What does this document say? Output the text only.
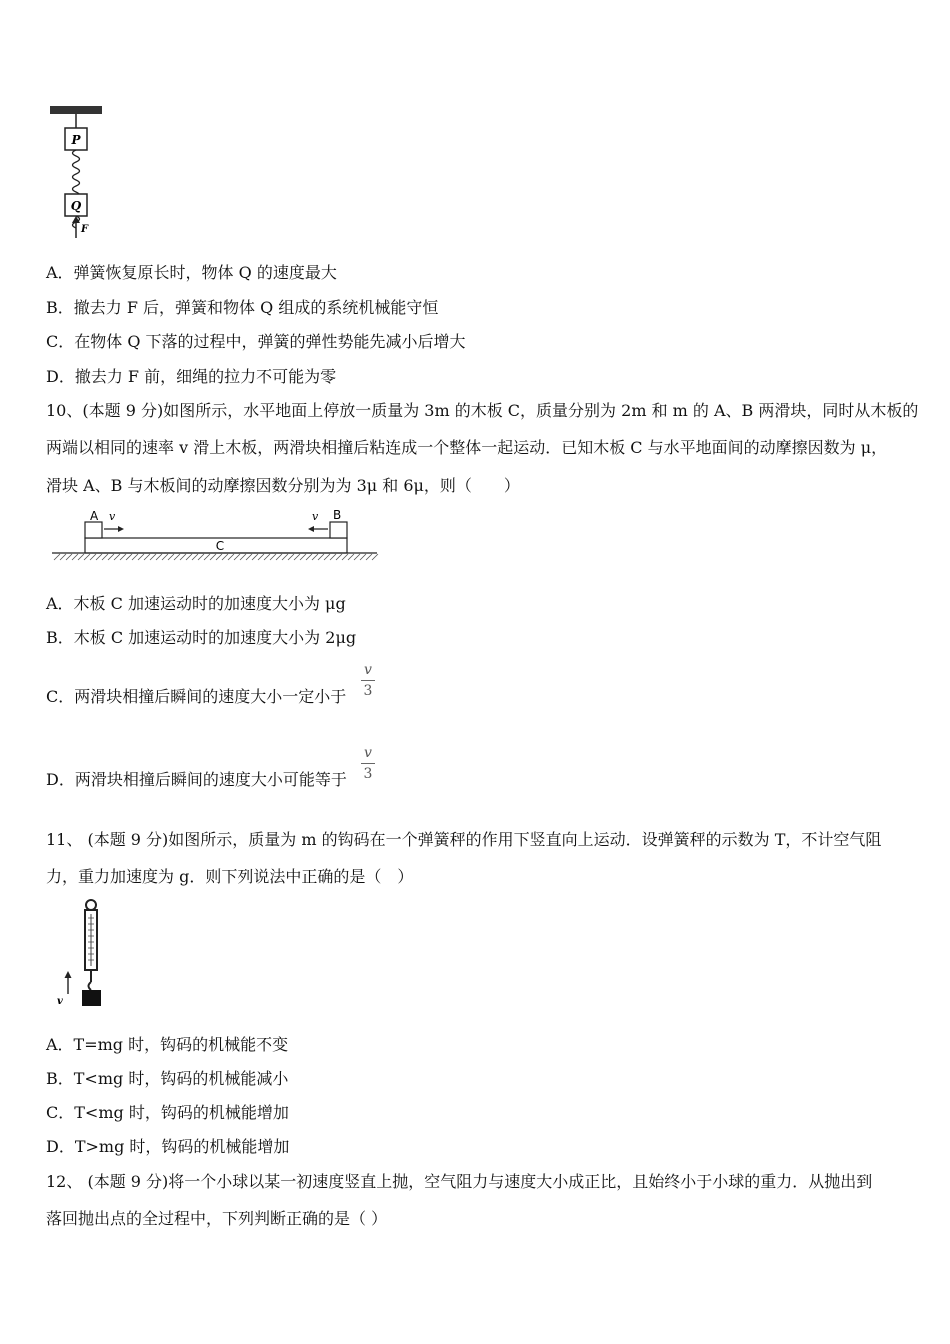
P
Q
F
A．弹簧恢复原长时，物体 Q 的速度最大
B．撤去力 F 后，弹簧和物体 Q 组成的系统机械能守恒
C．在物体 Q 下落的过程中，弹簧的弹性势能先减小后增大
D．撤去力 F 前，细绳的拉力不可能为零
10、(本题 9 分)如图所示，水平地面上停放一质量为 3m 的木板 C，质量分别为 2m 和 m 的 A、B 两滑块，同时从木板的
两端以相同的速率 v 滑上木板，两滑块相撞后粘连成一个整体一起运动．已知木板 C 与水平地面间的动摩擦因数为 μ，
滑块 A、B 与木板间的动摩擦因数分别为为 3μ 和 6μ，则（　　）
C
A v	B
v
A．木板 C 加速运动时的加速度大小为 μg
B．木板 C 加速运动时的加速度大小为 2μg
C．两滑块相撞后瞬间的速度大小一定小于
v
3
D．两滑块相撞后瞬间的速度大小可能等于
v
3
11、 (本题 9 分)如图所示，质量为 m 的钩码在一个弹簧秤的作用下竖直向上运动．设弹簧秤的示数为 T，不计空气阻
力，重力加速度为 g．则下列说法中正确的是（　）
v
A．T=mg 时，钩码的机械能不变
B．T<mg 时，钩码的机械能减小
C．T<mg 时，钩码的机械能增加
D．T>mg 时，钩码的机械能增加
12、 (本题 9 分)将一个小球以某一初速度竖直上抛，空气阻力与速度大小成正比，且始终小于小球的重力．从抛出到
落回抛出点的全过程中，下列判断正确的是（ ）
